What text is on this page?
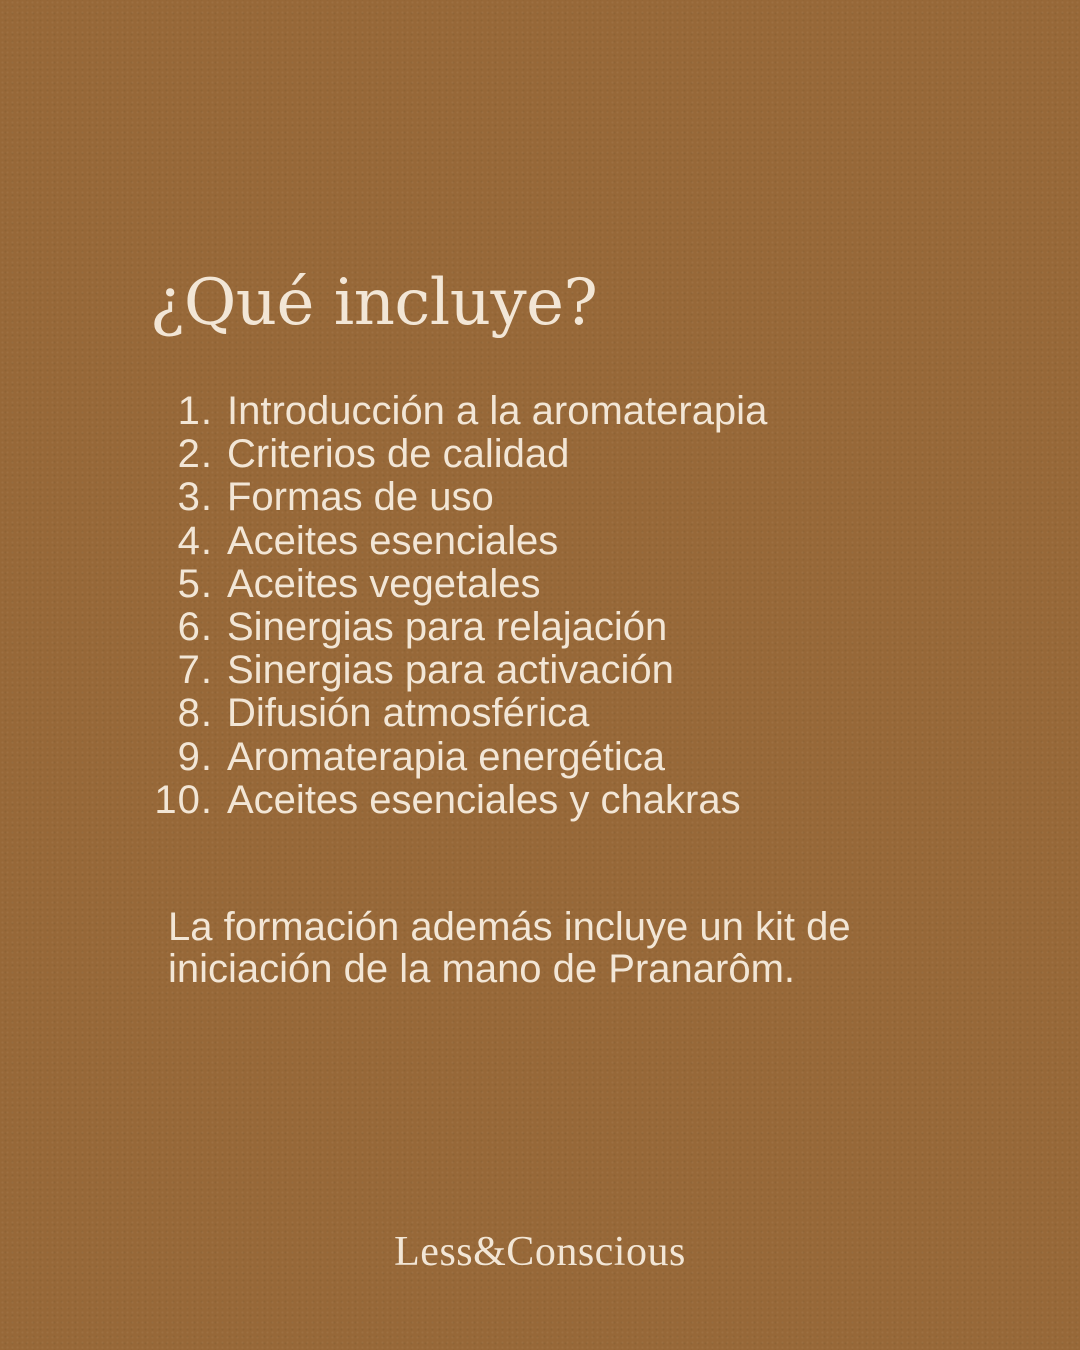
¿Qué incluye?
1. Introducción a la aromaterapia
2. Criterios de calidad
3. Formas de uso
4. Aceites esenciales
5. Aceites vegetales
6. Sinergias para relajación
7. Sinergias para activación
8. Difusión atmosférica
9. Aromaterapia energética
10. Aceites esenciales y chakras

La formación además incluye un kit de
iniciación de la mano de Pranarôm.

Less&Conscious
